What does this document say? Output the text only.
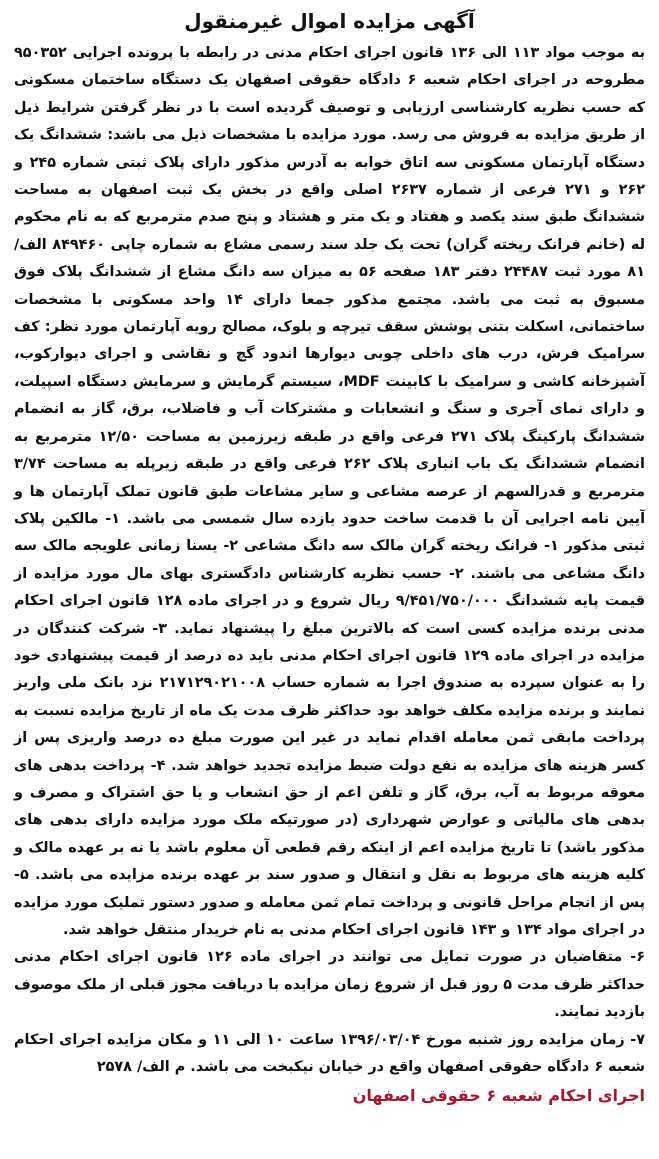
آگهی مزایده اموال غیرمنقول
به موجب مواد ۱۱۳ الی ۱۳۶ قانون اجرای احکام مدنی در رابطه با پرونده اجرایی ۹۵۰۳۵۲ مطروحه در اجرای احکام شعبه ۶ دادگاه حقوقی اصفهان یک دستگاه ساختمان مسکونی که حسب نظریه کارشناسی ارزیابی و توصیف گردیده است با در نظر گرفتن شرایط ذیل از طریق مزایده به فروش می رسد. مورد مزایده با مشخصات ذیل می باشد: ششدانگ یک دستگاه آپارتمان مسکونی سه اتاق خوابه به آدرس مذکور دارای پلاک ثبتی شماره ۲۴۵ و ۲۶۲ و ۲۷۱ فرعی از شماره ۲۶۳۷ اصلی واقع در بخش یک ثبت اصفهان به مساحت ششدانگ طبق سند یکصد و هفتاد و یک متر و هشتاد و پنج صدم مترمربع که به نام محکوم له (خانم فرانک ریخته گران) تحت یک جلد سند رسمی مشاع به شماره چاپی ۸۴۹۴۶۰ الف/۸۱ مورد ثبت ۲۴۴۸۷ دفتر ۱۸۳ صفحه ۵۶ به میزان سه دانگ مشاع از ششدانگ پلاک فوق مسبوق به ثبت می باشد. مجتمع مذکور جمعا دارای ۱۴ واحد مسکونی با مشخصات ساختمانی، اسکلت بتنی پوشش سقف تیرچه و بلوک، مصالح رویه آپارتمان مورد نظر: کف سرامیک فرش، درب های داخلی چوبی دیوارها اندود گچ و نقاشی و اجرای دیوارکوب، آشپزخانه کاشی و سرامیک با کابینت MDF، سیستم گرمایش و سرمایش دستگاه اسپیلت، و دارای نمای آجری و سنگ و انشعابات و مشترکات آب و فاضلاب، برق، گاز به انضمام ششدانگ پارکینگ پلاک ۲۷۱ فرعی واقع در طبقه زیرزمین به مساحت ۱۲/۵۰ مترمربع به انضمام ششدانگ یک باب انباری پلاک ۲۶۲ فرعی واقع در طبقه زیرپله به مساحت ۳/۷۴ مترمربع و قدرالسهم از عرصه مشاعی و سایر مشاعات طبق قانون تملک آپارتمان ها و آیین نامه اجرایی آن با قدمت ساخت حدود یازده سال شمسی می باشد. ۱- مالکین پلاک ثبتی مذکور ۱- فرانک ریخته گران مالک سه دانگ مشاعی ۲- یسنا زمانی علویجه مالک سه دانگ مشاعی می باشند. ۲- حسب نظریه کارشناس دادگستری بهای مال مورد مزایده از قیمت پایه ششدانگ ۹/۴۵۱/۷۵۰/۰۰۰ ریال شروع و در اجرای ماده ۱۲۸ قانون اجرای احکام مدنی برنده مزایده کسی است که بالاترین مبلغ را پیشنهاد نماید. ۳- شرکت کنندگان در مزایده در اجرای ماده ۱۲۹ قانون اجرای احکام مدنی باید ده درصد از قیمت پیشنهادی خود را به عنوان سپرده به صندوق اجرا به شماره حساب ۲۱۷۱۲۹۰۲۱۰۰۸ نزد بانک ملی واریز نمایند و برنده مزایده مکلف خواهد بود حداکثر ظرف مدت یک ماه از تاریخ مزایده نسبت به پرداخت مابقی ثمن معامله اقدام نماید در غیر این صورت مبلغ ده درصد واریزی پس از کسر هزینه های مزایده به نفع دولت ضبط مزایده تجدید خواهد شد. ۴- پرداخت بدهی های معوقه مربوط به آب، برق، گاز و تلفن اعم از حق انشعاب و یا حق اشتراک و مصرف و بدهی های مالیاتی و عوارض شهرداری (در صورتیکه ملک مورد مزایده دارای بدهی های مذکور باشد) تا تاریخ مزایده اعم از اینکه رقم قطعی آن معلوم باشد یا نه بر عهده مالک و کلیه هزینه های مربوط به نقل و انتقال و صدور سند بر عهده برنده مزایده می باشد. ۵- پس از انجام مراحل قانونی و پرداخت تمام ثمن معامله و صدور دستور تملیک مورد مزایده در اجرای مواد ۱۳۴ و ۱۴۳ قانون اجرای احکام مدنی به نام خریدار منتقل خواهد شد.
۶- متقاضیان در صورت تمایل می توانند در اجرای ماده ۱۲۶ قانون اجرای احکام مدنی حداکثر ظرف مدت ۵ روز قبل از شروع زمان مزایده با دریافت مجوز قبلی از ملک موصوف بازدید نمایند.
۷- زمان مزایده روز شنبه مورخ ۱۳۹۶/۰۳/۰۴ ساعت ۱۰ الی ۱۱ و مکان مزایده اجرای احکام شعبه ۶ دادگاه حقوقی اصفهان واقع در خیابان نیکبخت می باشد. م الف/ ۲۵۷۸
اجرای احکام شعبه ۶ حقوقی اصفهان
